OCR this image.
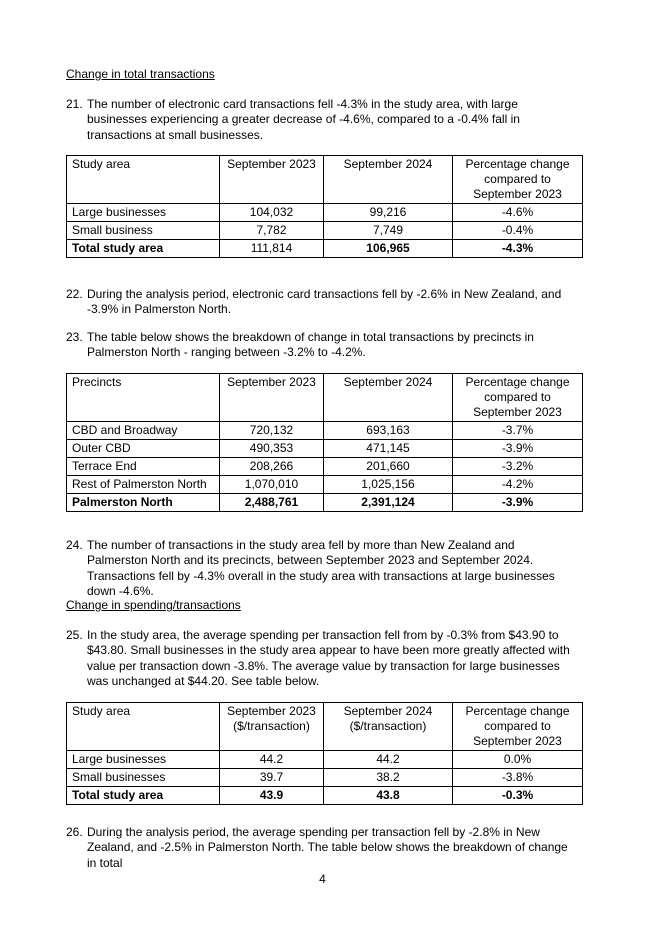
Change in total transactions
21. The number of electronic card transactions fell -4.3% in the study area, with large businesses experiencing a greater decrease of -4.6%, compared to a -0.4% fall in transactions at small businesses.
Study area	September 2023	September 2024	Percentage change compared to September 2023
Large businesses	104,032	99,216	-4.6%
Small business	7,782	7,749	-0.4%
Total study area	111,814	106,965	-4.3%
22. During the analysis period, electronic card transactions fell by -2.6% in New Zealand, and -3.9% in Palmerston North.
23. The table below shows the breakdown of change in total transactions by precincts in Palmerston North - ranging between -3.2% to -4.2%.
Precincts	September 2023	September 2024	Percentage change compared to September 2023
CBD and Broadway	720,132	693,163	-3.7%
Outer CBD	490,353	471,145	-3.9%
Terrace End	208,266	201,660	-3.2%
Rest of Palmerston North	1,070,010	1,025,156	-4.2%
Palmerston North	2,488,761	2,391,124	-3.9%
24. The number of transactions in the study area fell by more than New Zealand and Palmerston North and its precincts, between September 2023 and September 2024. Transactions fell by -4.3% overall in the study area with transactions at large businesses down -4.6%.
Change in spending/transactions
25. In the study area, the average spending per transaction fell from by -0.3% from $43.90 to $43.80. Small businesses in the study area appear to have been more greatly affected with value per transaction down -3.8%. The average value by transaction for large businesses was unchanged at $44.20. See table below.
Study area	September 2023 ($/transaction)	September 2024 ($/transaction)	Percentage change compared to September 2023
Large businesses	44.2	44.2	0.0%
Small businesses	39.7	38.2	-3.8%
Total study area	43.9	43.8	-0.3%
26. During the analysis period, the average spending per transaction fell by -2.8% in New Zealand, and -2.5% in Palmerston North. The table below shows the breakdown of change in total
4
